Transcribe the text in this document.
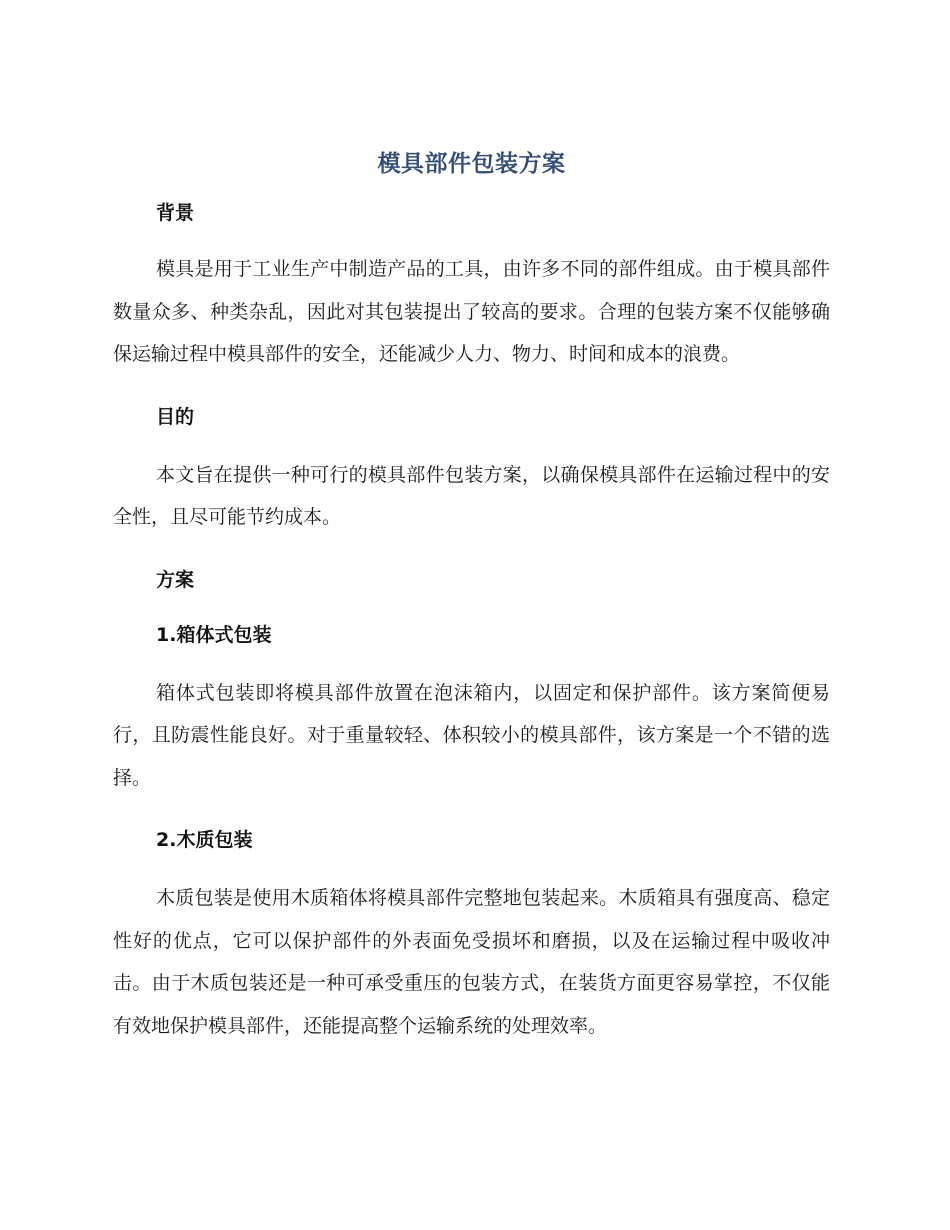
模具部件包装方案
背景

模具是用于工业生产中制造产品的工具，由许多不同的部件组成。由于模具部件数量众多、种类杂乱，因此对其包装提出了较高的要求。合理的包装方案不仅能够确保运输过程中模具部件的安全，还能减少人力、物力、时间和成本的浪费。

目的

本文旨在提供一种可行的模具部件包装方案，以确保模具部件在运输过程中的安全性，且尽可能节约成本。

方案
1.箱体式包装

箱体式包装即将模具部件放置在泡沫箱内，以固定和保护部件。该方案简便易行，且防震性能良好。对于重量较轻、体积较小的模具部件，该方案是一个不错的选择。

2.木质包装

木质包装是使用木质箱体将模具部件完整地包装起来。木质箱具有强度高、稳定性好的优点，它可以保护部件的外表面免受损坏和磨损，以及在运输过程中吸收冲击。由于木质包装还是一种可承受重压的包装方式，在装货方面更容易掌控，不仅能有效地保护模具部件，还能提高整个运输系统的处理效率。
